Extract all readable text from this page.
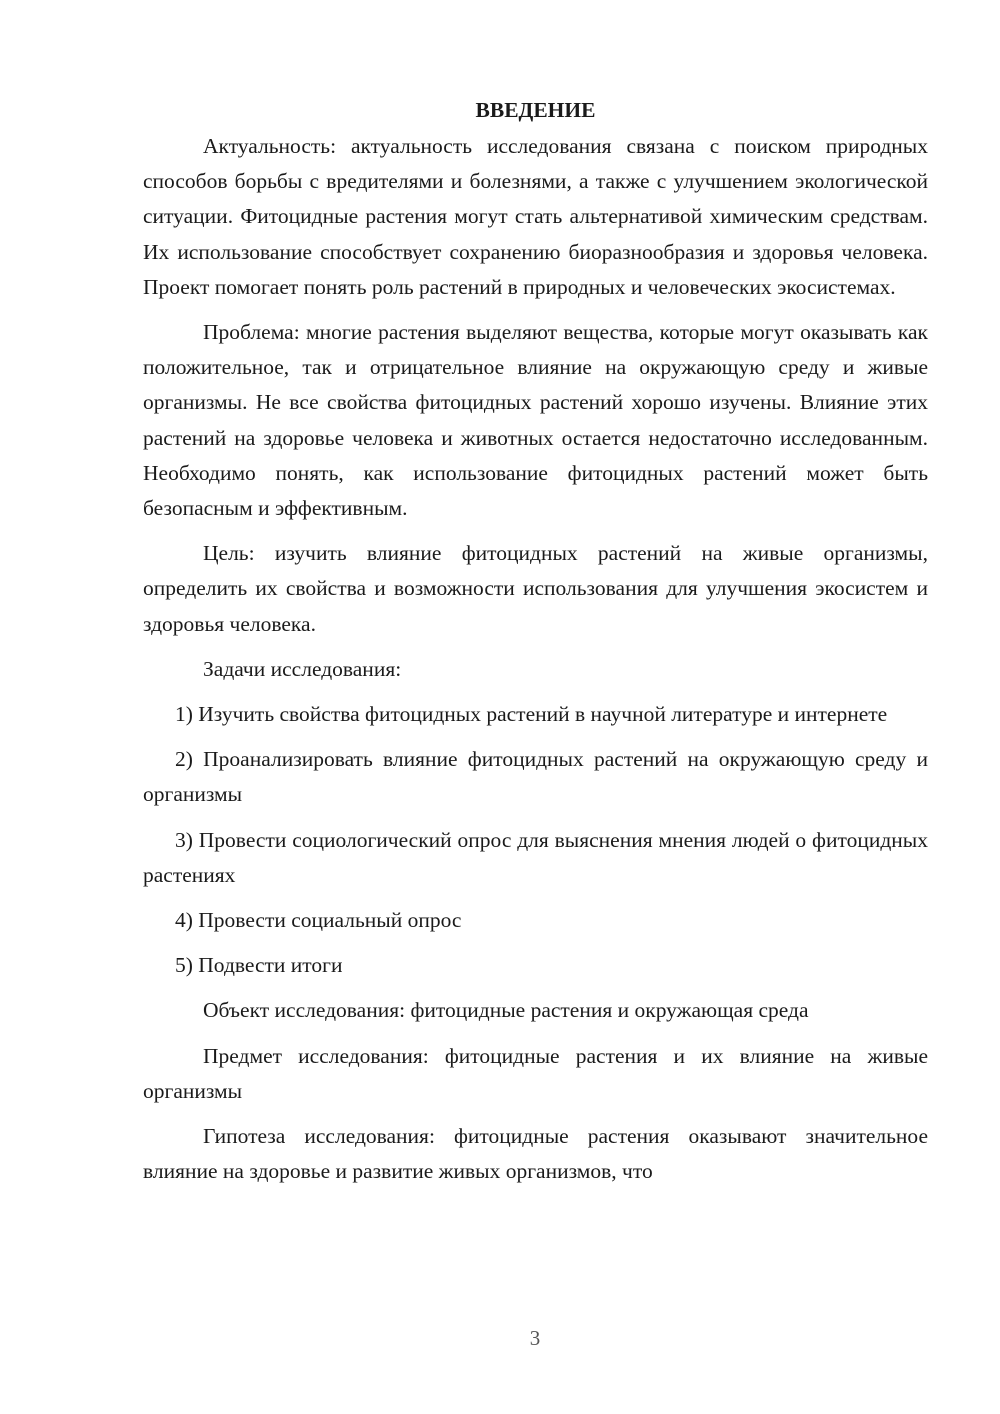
ВВЕДЕНИЕ

Актуальность: актуальность исследования связана с поиском природных способов борьбы с вредителями и болезнями, а также с улучшением экологической ситуации. Фитоцидные растения могут стать альтернативой химическим средствам. Их использование способствует сохранению биоразнообразия и здоровья человека. Проект помогает понять роль растений в природных и человеческих экосистемах.

Проблема: многие растения выделяют вещества, которые могут оказывать как положительное, так и отрицательное влияние на окружающую среду и живые организмы. Не все свойства фитоцидных растений хорошо изучены. Влияние этих растений на здоровье человека и животных остается недостаточно исследованным. Необходимо понять, как использование фитоцидных растений может быть безопасным и эффективным.

Цель: изучить влияние фитоцидных растений на живые организмы, определить их свойства и возможности использования для улучшения экосистем и здоровья человека.

Задачи исследования:

1) Изучить свойства фитоцидных растений в научной литературе и интернете

2) Проанализировать влияние фитоцидных растений на окружающую среду и организмы

3) Провести социологический опрос для выяснения мнения людей о фитоцидных растениях

4) Провести социальный опрос

5) Подвести итоги

Объект исследования: фитоцидные растения и окружающая среда

Предмет исследования: фитоцидные растения и их влияние на живые организмы

Гипотеза исследования: фитоцидные растения оказывают значительное влияние на здоровье и развитие живых организмов, что

3
